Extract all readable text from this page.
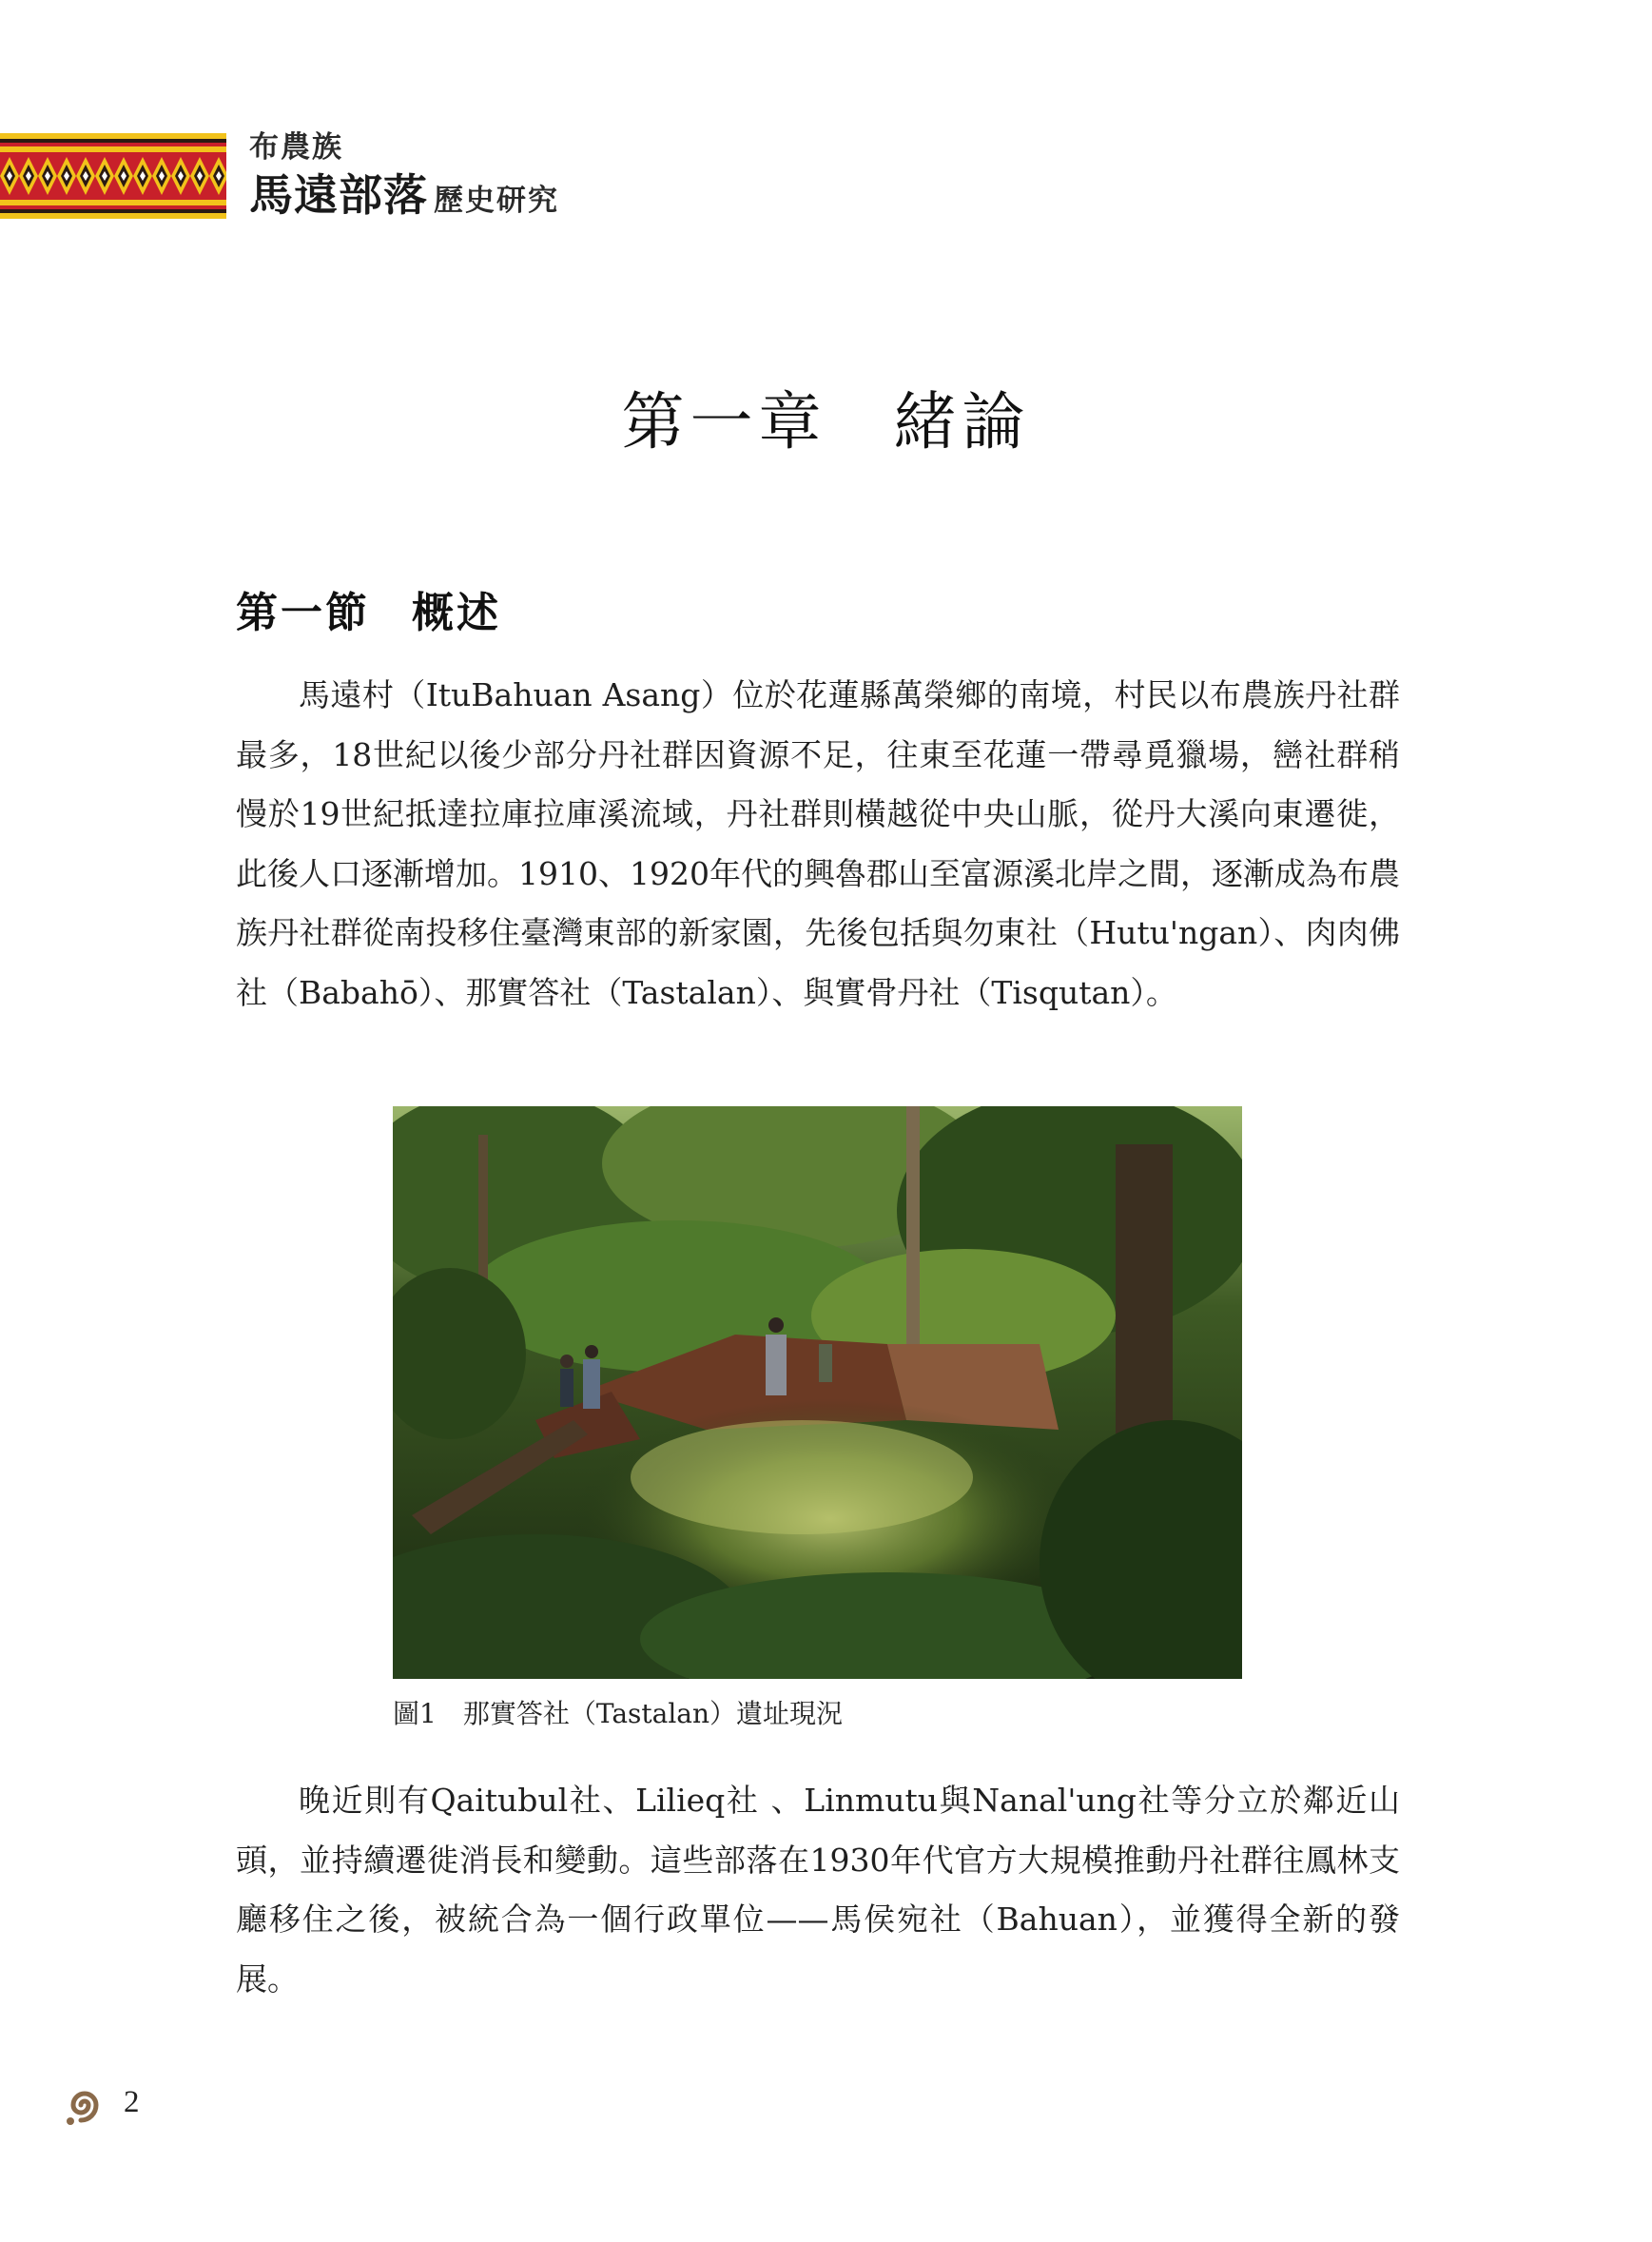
布農族
馬遠部落 歷史研究
第一章 緒論
第一節 概述

馬遠村（ItuBahuan Asang）位於花蓮縣萬榮鄉的南境，村民以布農族丹社群最多，18世紀以後少部分丹社群因資源不足，往東至花蓮一帶尋覓獵場，巒社群稍慢於19世紀抵達拉庫拉庫溪流域，丹社群則橫越從中央山脈，從丹大溪向東遷徙，此後人口逐漸增加。1910、1920年代的興魯郡山至富源溪北岸之間，逐漸成為布農族丹社群從南投移住臺灣東部的新家園，先後包括與勿東社（Hutu'ngan）、肉肉佛社（Babahō）、那實答社（Tastalan）、與實骨丹社（Tisqutan）。

圖1 那實答社（Tastalan）遺址現況

晚近則有Qaitubul社、Lilieq社 、Linmutu與Nanal'ung社等分立於鄰近山頭，並持續遷徙消長和變動。這些部落在1930年代官方大規模推動丹社群往鳳林支廳移住之後，被統合為一個行政單位——馬侯宛社（Bahuan），並獲得全新的發展。

2
